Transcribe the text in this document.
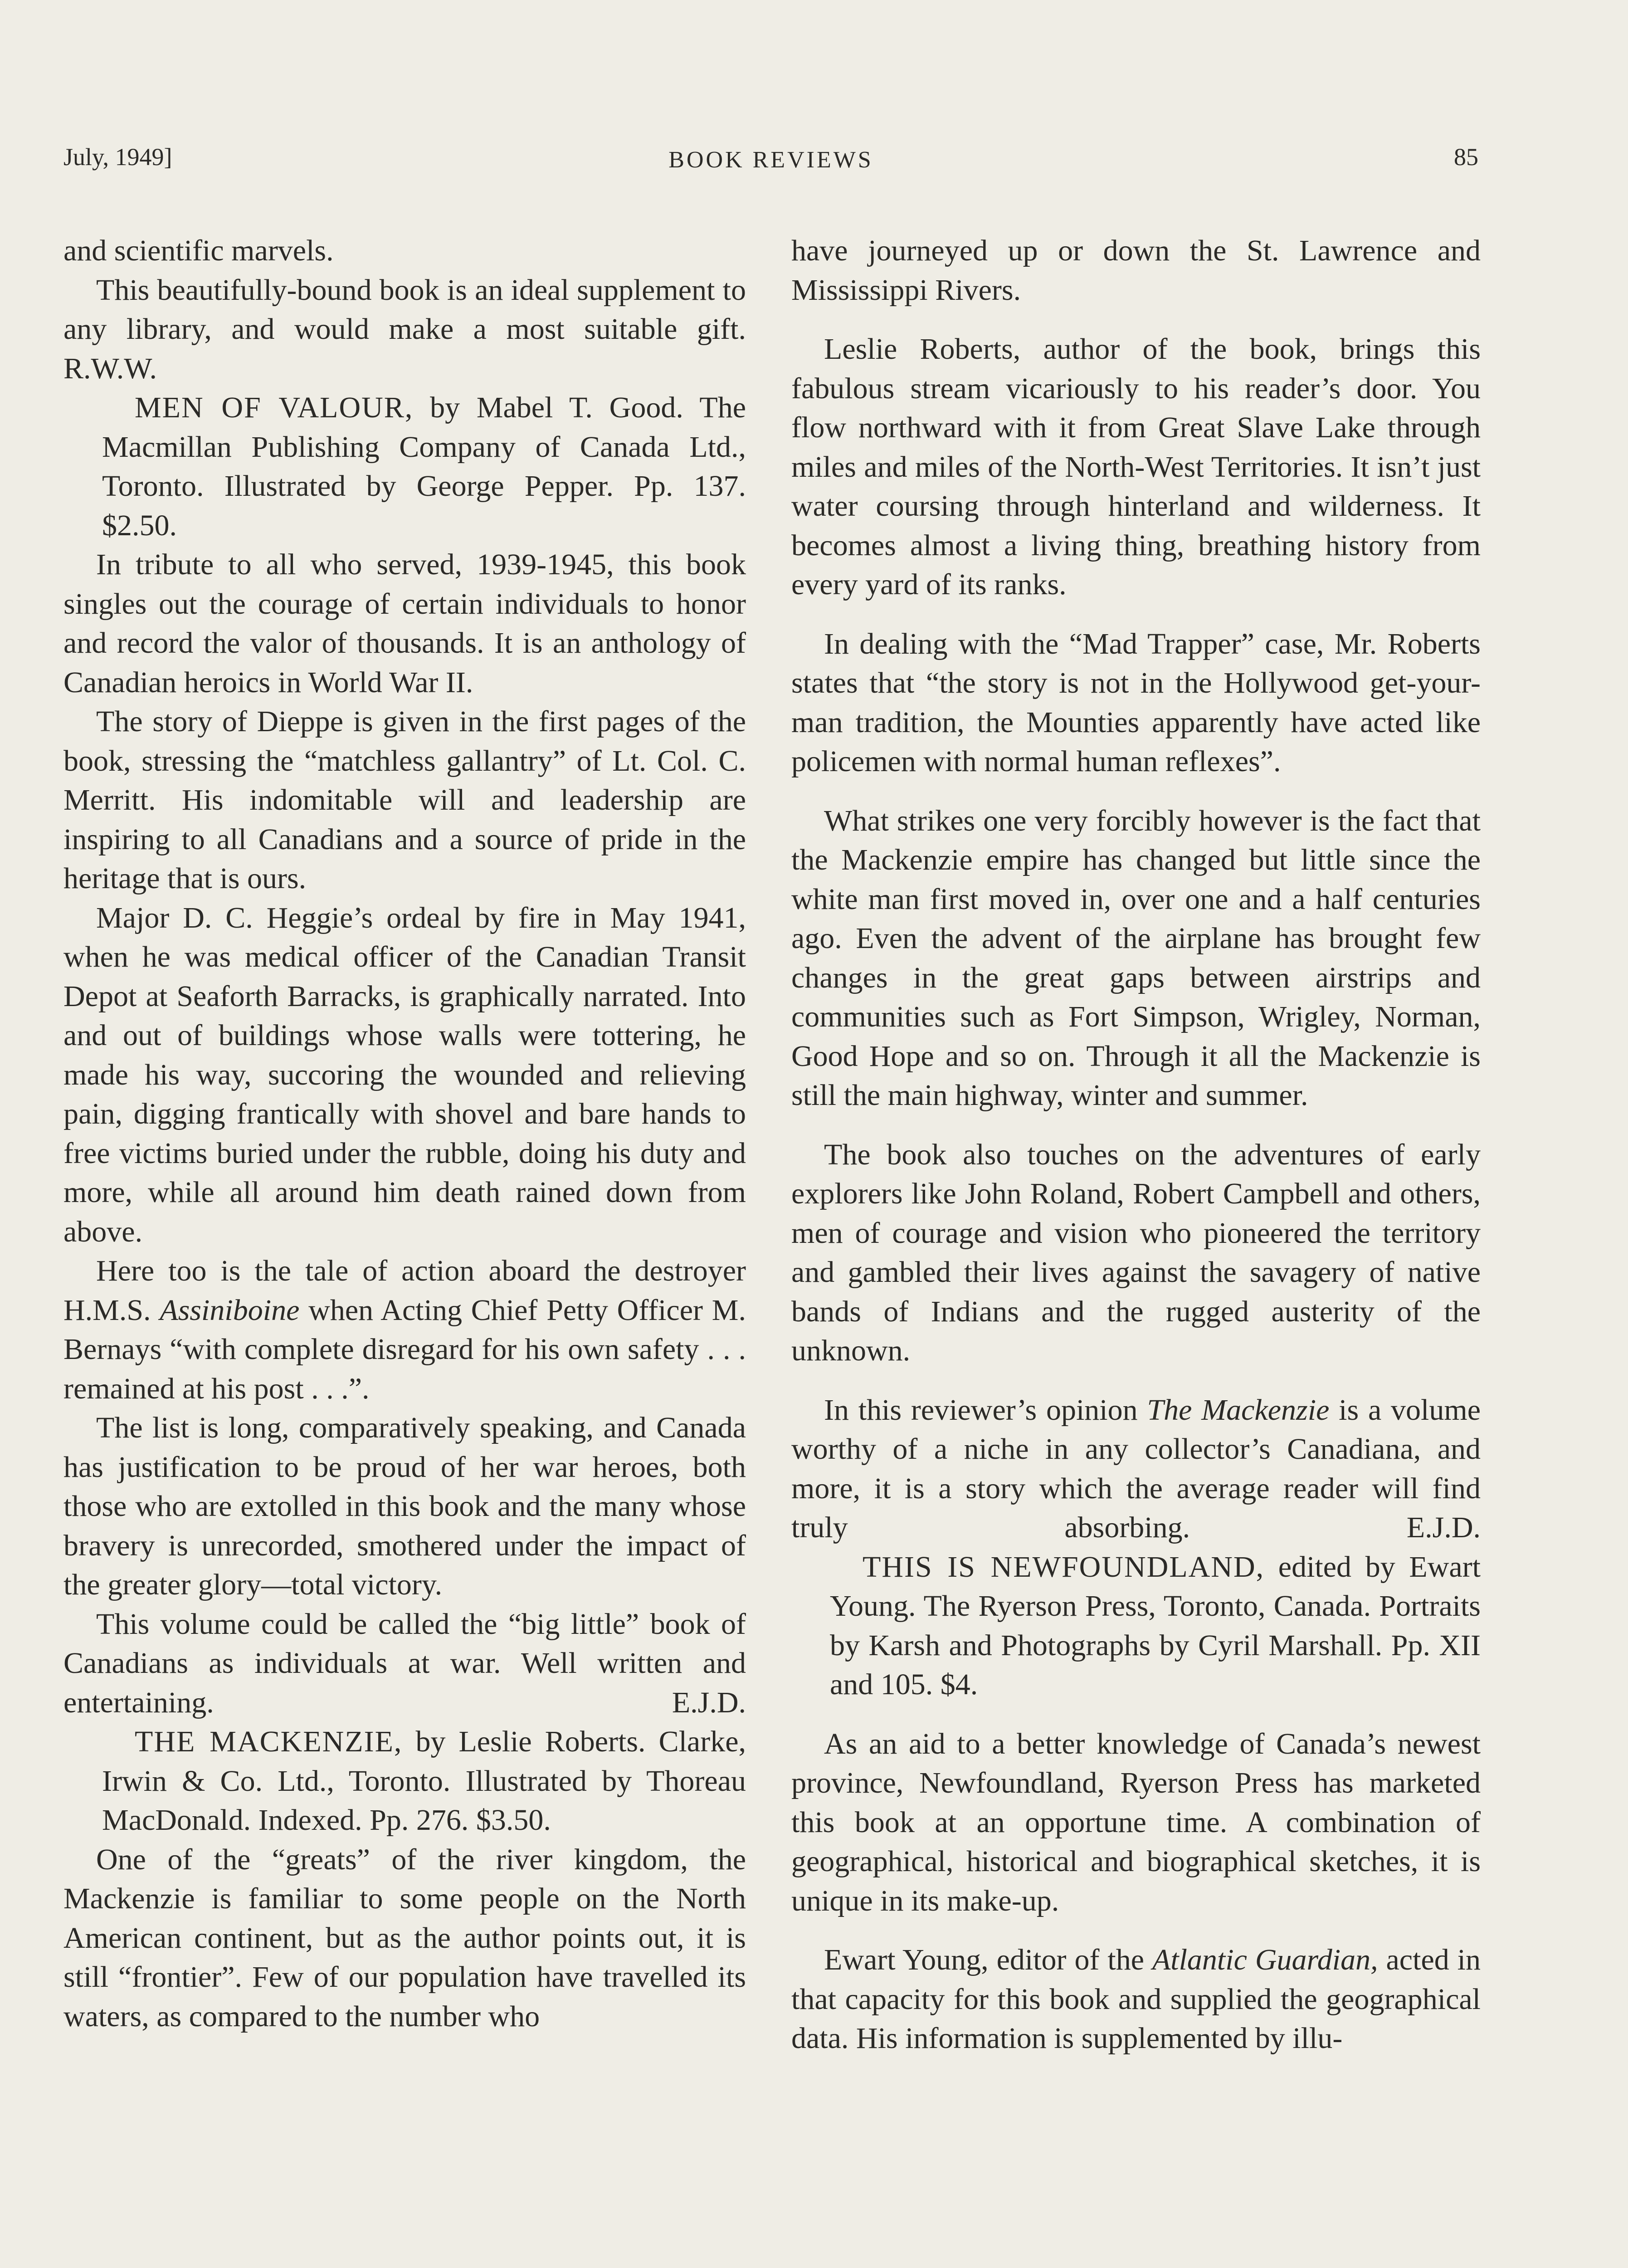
July, 1949]	BOOK REVIEWS	85

and scientific marvels.

This beautifully-bound book is an ideal supplement to any library, and would make a most suitable gift. R.W.W.

MEN OF VALOUR, by Mabel T. Good. The Macmillan Publishing Company of Canada Ltd., Toronto. Illustrated by George Pepper. Pp. 137. $2.50.

In tribute to all who served, 1939-1945, this book singles out the courage of certain individuals to honor and record the valor of thousands. It is an anthology of Canadian heroics in World War II.

The story of Dieppe is given in the first pages of the book, stressing the “matchless gallantry” of Lt. Col. C. Merritt. His indomitable will and leadership are inspiring to all Canadians and a source of pride in the heritage that is ours.

Major D. C. Heggie’s ordeal by fire in May 1941, when he was medical officer of the Canadian Transit Depot at Seaforth Barracks, is graphically narrated. Into and out of buildings whose walls were tottering, he made his way, succoring the wounded and relieving pain, digging frantically with shovel and bare hands to free victims buried under the rubble, doing his duty and more, while all around him death rained down from above.

Here too is the tale of action aboard the destroyer H.M.S. Assiniboine when Acting Chief Petty Officer M. Bernays “with complete disregard for his own safety . . . remained at his post . . .”.

The list is long, comparatively speaking, and Canada has justification to be proud of her war heroes, both those who are extolled in this book and the many whose bravery is unrecorded, smothered under the impact of the greater glory—total victory.

This volume could be called the “big little” book of Canadians as individuals at war. Well written and entertaining.	E.J.D.

THE MACKENZIE, by Leslie Roberts. Clarke, Irwin & Co. Ltd., Toronto. Illustrated by Thoreau MacDonald. Indexed. Pp. 276. $3.50.

One of the “greats” of the river kingdom, the Mackenzie is familiar to some people on the North American continent, but as the author points out, it is still “frontier”. Few of our population have travelled its waters, as compared to the number who

have journeyed up or down the St. Lawrence and Mississippi Rivers.

Leslie Roberts, author of the book, brings this fabulous stream vicariously to his reader’s door. You flow northward with it from Great Slave Lake through miles and miles of the North-West Territories. It isn’t just water coursing through hinterland and wilderness. It becomes almost a living thing, breathing history from every yard of its ranks.

In dealing with the “Mad Trapper” case, Mr. Roberts states that “the story is not in the Hollywood get-your-man tradition, the Mounties apparently have acted like policemen with normal human reflexes”.

What strikes one very forcibly however is the fact that the Mackenzie empire has changed but little since the white man first moved in, over one and a half centuries ago. Even the advent of the airplane has brought few changes in the great gaps between airstrips and communities such as Fort Simpson, Wrigley, Norman, Good Hope and so on. Through it all the Mackenzie is still the main highway, winter and summer.

The book also touches on the adventures of early explorers like John Roland, Robert Campbell and others, men of courage and vision who pioneered the territory and gambled their lives against the savagery of native bands of Indians and the rugged austerity of the unknown.

In this reviewer’s opinion The Mackenzie is a volume worthy of a niche in any collector’s Canadiana, and more, it is a story which the average reader will find truly absorbing.	E.J.D.

THIS IS NEWFOUNDLAND, edited by Ewart Young. The Ryerson Press, Toronto, Canada. Portraits by Karsh and Photographs by Cyril Marshall. Pp. XII and 105. $4.

As an aid to a better knowledge of Canada’s newest province, Newfoundland, Ryerson Press has marketed this book at an opportune time. A combination of geographical, historical and biographical sketches, it is unique in its make-up.

Ewart Young, editor of the Atlantic Guardian, acted in that capacity for this book and supplied the geographical data. His information is supplemented by illu-
